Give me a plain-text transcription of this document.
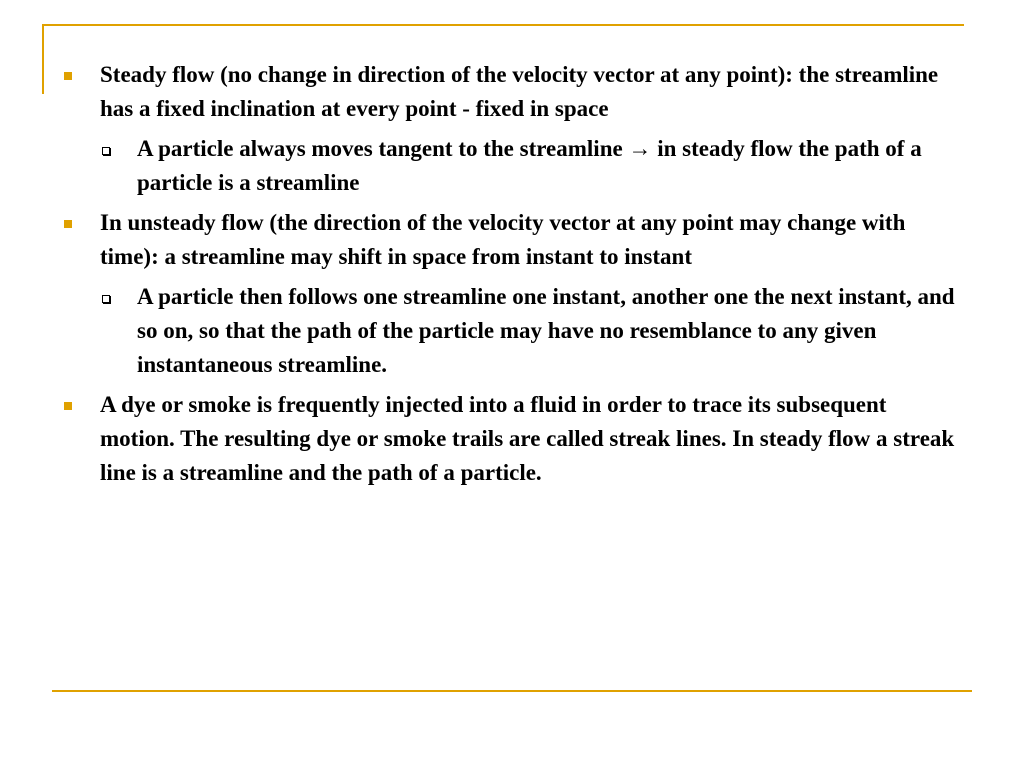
Steady flow (no change in direction of the velocity vector at any point): the streamline has a fixed inclination at every point - fixed in space
A particle always moves tangent to the streamline → in steady flow the path of a particle is a streamline
In unsteady flow (the direction of the velocity vector at any point may change with time): a streamline may shift in space from instant to instant
A particle then follows one streamline one instant, another one the next instant, and so on, so that the path of the particle may have no resemblance to any given instantaneous streamline.
A dye or smoke is frequently injected into a fluid in order to trace its subsequent motion. The resulting dye or smoke trails are called streak lines. In steady flow a streak line is a streamline and the path of a particle.
